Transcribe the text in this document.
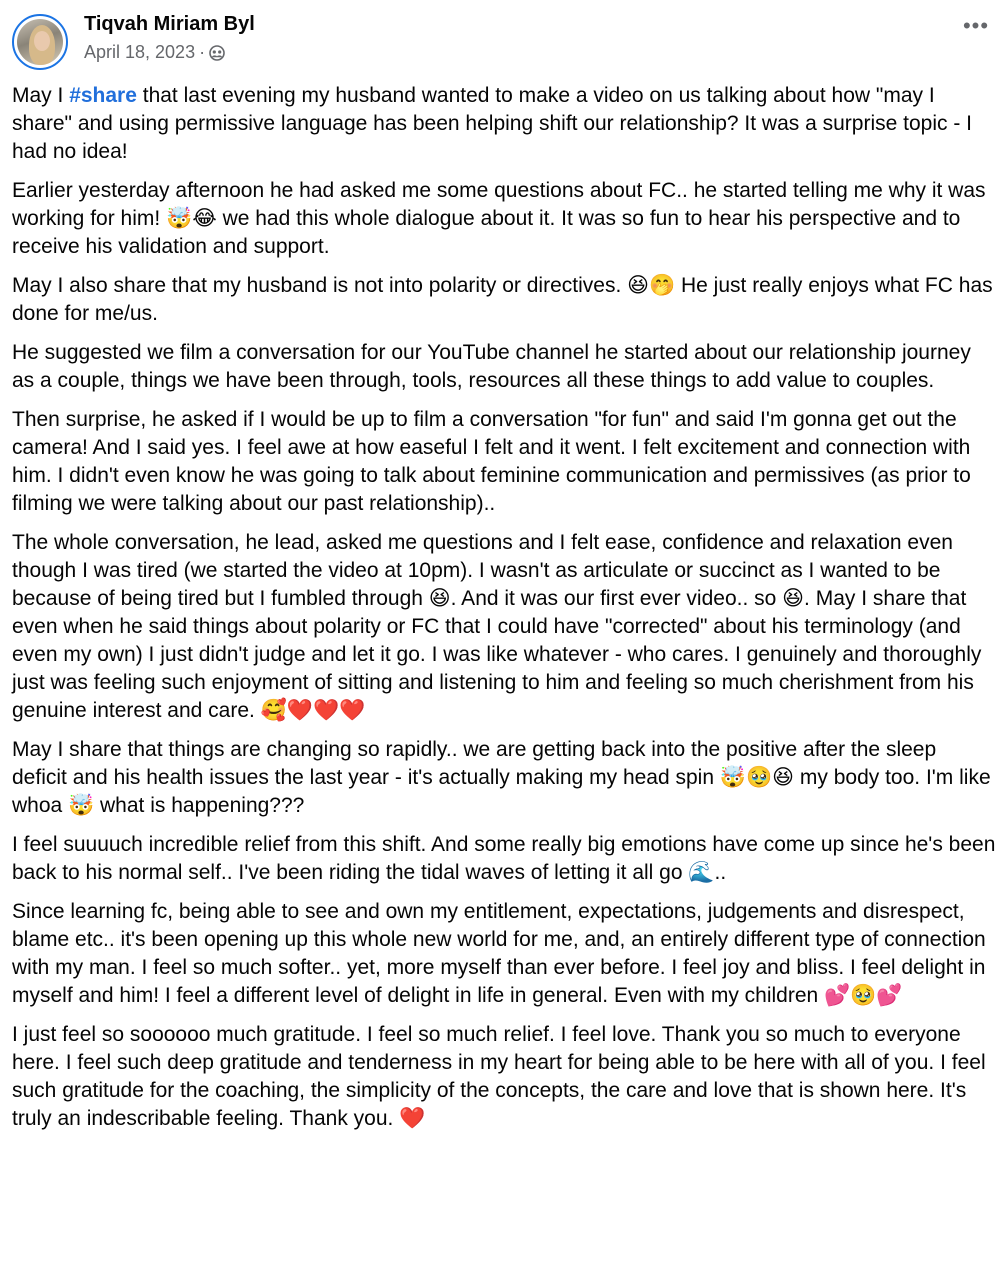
Tiqvah Miriam Byl
April 18, 2023 ·
•••

May I #share that last evening my husband wanted to make a video on us talking about how "may I share" and using permissive language has been helping shift our relationship? It was a surprise topic - I had no idea!

Earlier yesterday afternoon he had asked me some questions about FC.. he started telling me why it was working for him! 🤯😂 we had this whole dialogue about it. It was so fun to hear his perspective and to receive his validation and support.

May I also share that my husband is not into polarity or directives. 😆🤭 He just really enjoys what FC has done for me/us.

He suggested we film a conversation for our YouTube channel he started about our relationship journey as a couple, things we have been through, tools, resources all these things to add value to couples.

Then surprise, he asked if I would be up to film a conversation "for fun" and said I'm gonna get out the camera! And I said yes. I feel awe at how easeful I felt and it went. I felt excitement and connection with him. I didn't even know he was going to talk about feminine communication and permissives (as prior to filming we were talking about our past relationship)..

The whole conversation, he lead, asked me questions and I felt ease, confidence and relaxation even though I was tired (we started the video at 10pm). I wasn't as articulate or succinct as I wanted to be because of being tired but I fumbled through 😆. And it was our first ever video.. so 😆. May I share that even when he said things about polarity or FC that I could have "corrected" about his terminology (and even my own) I just didn't judge and let it go. I was like whatever - who cares. I genuinely and thoroughly just was feeling such enjoyment of sitting and listening to him and feeling so much cherishment from his genuine interest and care. 🥰❤️❤️❤️

May I share that things are changing so rapidly.. we are getting back into the positive after the sleep deficit and his health issues the last year - it's actually making my head spin 🤯🥹😆 my body too. I'm like whoa 🤯 what is happening???

I feel suuuuch incredible relief from this shift. And some really big emotions have come up since he's been back to his normal self.. I've been riding the tidal waves of letting it all go 🌊..

Since learning fc, being able to see and own my entitlement, expectations, judgements and disrespect, blame etc.. it's been opening up this whole new world for me, and, an entirely different type of connection with my man. I feel so much softer.. yet, more myself than ever before. I feel joy and bliss. I feel delight in myself and him! I feel a different level of delight in life in general. Even with my children 💕🥹💕

I just feel so soooooo much gratitude. I feel so much relief. I feel love. Thank you so much to everyone here. I feel such deep gratitude and tenderness in my heart for being able to be here with all of you. I feel such gratitude for the coaching, the simplicity of the concepts, the care and love that is shown here. It's truly an indescribable feeling. Thank you. ❤️
